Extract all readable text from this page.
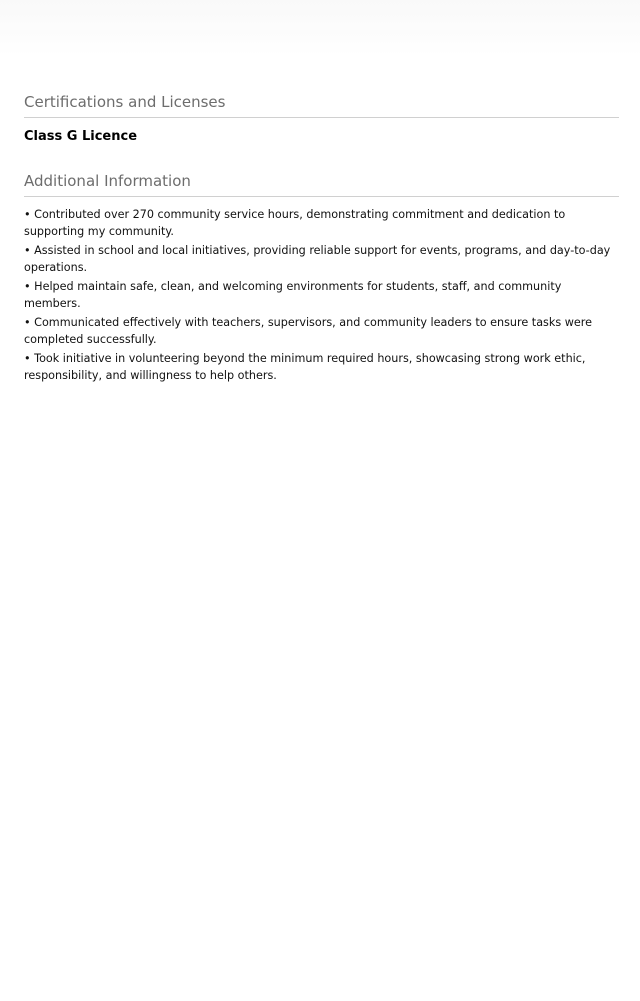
Certifications and Licenses

Class G Licence

Additional Information
• Contributed over 270 community service hours, demonstrating commitment and dedication to supporting my community.
• Assisted in school and local initiatives, providing reliable support for events, programs, and day-to-day operations.
• Helped maintain safe, clean, and welcoming environments for students, staff, and community members.
• Communicated effectively with teachers, supervisors, and community leaders to ensure tasks were completed successfully.
• Took initiative in volunteering beyond the minimum required hours, showcasing strong work ethic, responsibility, and willingness to help others.
